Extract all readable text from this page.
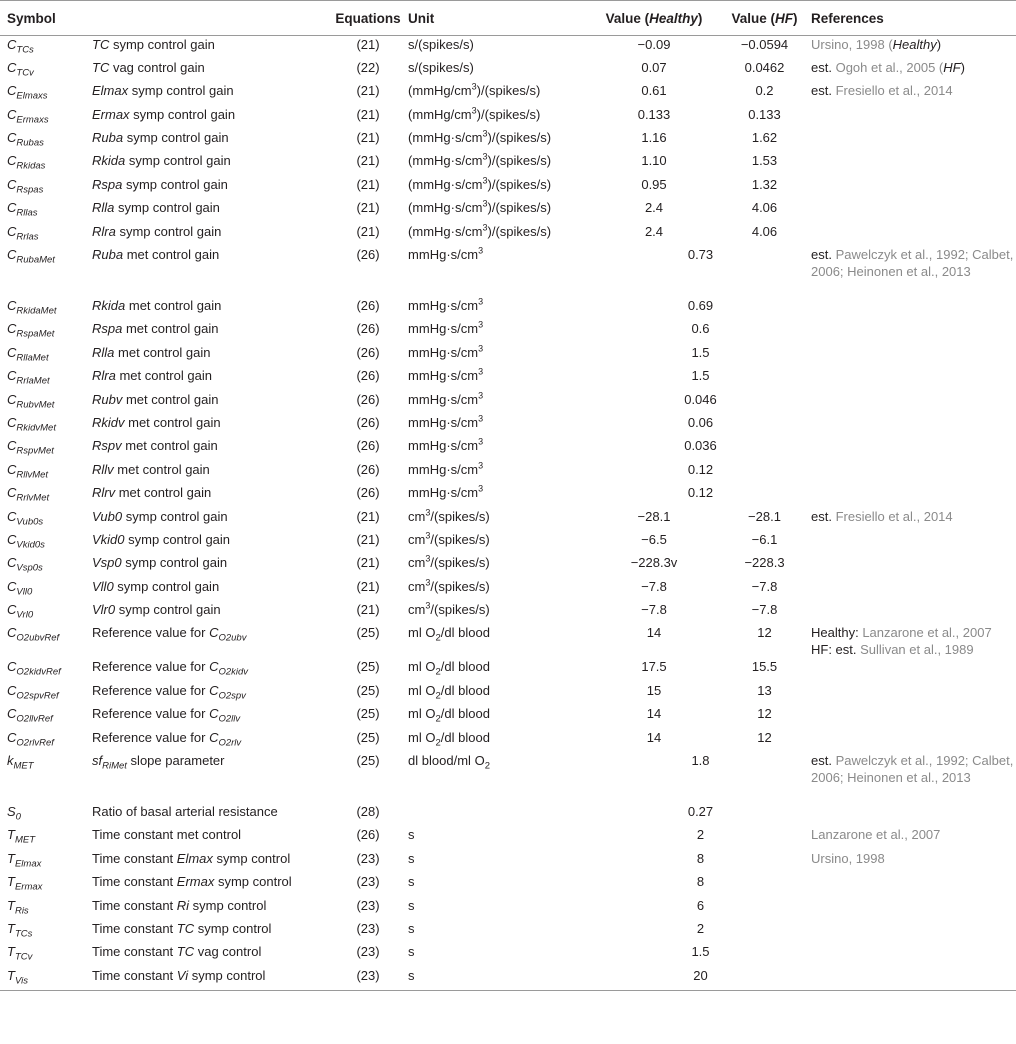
Symbol		Equations	Unit	Value (Healthy)	Value (HF)	References
$C_{TCs}$	TC symp control gain	(21)	s/(spikes/s)	−0.09	−0.0594	Ursino, 1998 (Healthy)
$C_{TCv}$	TC vag control gain	(22)	s/(spikes/s)	0.07	0.0462	est. Ogoh et al., 2005 (HF)
$C_{Elmaxs}$	Elmax symp control gain	(21)	$(mmHg/cm^3)/(spikes/s)$	0.61	0.2	est. Fresiello et al., 2014
$C_{Ermaxs}$	Ermax symp control gain	(21)	$(mmHg/cm^3)/(spikes/s)$	0.133	0.133	
$C_{Rubas}$	Ruba symp control gain	(21)	$(mmHg\cdot s/cm^3)/(spikes/s)$	1.16	1.62	
$C_{Rkidas}$	Rkida symp control gain	(21)	$(mmHg\cdot s/cm^3)/(spikes/s)$	1.10	1.53	
$C_{Rspas}$	Rspa symp control gain	(21)	$(mmHg\cdot s/cm^3)/(spikes/s)$	0.95	1.32	
$C_{Rllas}$	Rlla symp control gain	(21)	$(mmHg\cdot s/cm^3)/(spikes/s)$	2.4	4.06	
$C_{Rrlas}$	Rlra symp control gain	(21)	$(mmHg\cdot s/cm^3)/(spikes/s)$	2.4	4.06	
$C_{RubaMet}$	Ruba met control gain	(26)	$mmHg\cdot s/cm^3$	0.73		est. Pawelczyk et al., 1992; Calbet, 2006; Heinonen et al., 2013
$C_{RkidaMet}$	Rkida met control gain	(26)	$mmHg\cdot s/cm^3$	0.69		
$C_{RspaMet}$	Rspa met control gain	(26)	$mmHg\cdot s/cm^3$	0.6		
$C_{RllaMet}$	Rlla met control gain	(26)	$mmHg\cdot s/cm^3$	1.5		
$C_{RrlaMet}$	Rlra met control gain	(26)	$mmHg\cdot s/cm^3$	1.5		
$C_{RubvMet}$	Rubv met control gain	(26)	$mmHg\cdot s/cm^3$	0.046		
$C_{RkidvMet}$	Rkidv met control gain	(26)	$mmHg\cdot s/cm^3$	0.06		
$C_{RspvMet}$	Rspv met control gain	(26)	$mmHg\cdot s/cm^3$	0.036		
$C_{RllvMet}$	Rllv met control gain	(26)	$mmHg\cdot s/cm^3$	0.12		
$C_{RrlvMet}$	Rlrv met control gain	(26)	$mmHg\cdot s/cm^3$	0.12		
$C_{Vub0s}$	Vub0 symp control gain	(21)	$cm^3/(spikes/s)$	−28.1	−28.1	est. Fresiello et al., 2014
$C_{Vkid0s}$	Vkid0 symp control gain	(21)	$cm^3/(spikes/s)$	−6.5	−6.1	
$C_{Vsp0s}$	Vsp0 symp control gain	(21)	$cm^3/(spikes/s)$	−228.3v	−228.3	
$C_{Vll0}$	Vll0 symp control gain	(21)	$cm^3/(spikes/s)$	−7.8	−7.8	
$C_{Vrl0}$	Vlr0 symp control gain	(21)	$cm^3/(spikes/s)$	−7.8	−7.8	
$C_{O2ubvRef}$	Reference value for $C_{O2ubv}$	(25)	ml $O_2/dl$ blood	14	12	Healthy: Lanzarone et al., 2007
HF: est. Sullivan et al., 1989
$C_{O2kidvRef}$	Reference value for $C_{O2kidv}$	(25)	ml $O_2/dl$ blood	17.5	15.5	
$C_{O2spvRef}$	Reference value for $C_{O2spv}$	(25)	ml $O_2/dl$ blood	15	13	
$C_{O2llvRef}$	Reference value for $C_{O2llv}$	(25)	ml $O_2/dl$ blood	14	12	
$C_{O2rlvRef}$	Reference value for $C_{O2rlv}$	(25)	ml $O_2/dl$ blood	14	12	
$k_{MET}$	$sf_{RiMet}$ slope parameter	(25)	dl blood/ml $O_2$	1.8		est. Pawelczyk et al., 1992; Calbet, 2006; Heinonen et al., 2013
$S_0$	Ratio of basal arterial resistance	(28)		0.27		
$T_{MET}$	Time constant met control	(26)	s	2		Lanzarone et al., 2007
$T_{Elmax}$	Time constant Elmax symp control	(23)	s	8		Ursino, 1998
$T_{Ermax}$	Time constant Ermax symp control	(23)	s	8		
$T_{Ris}$	Time constant Ri symp control	(23)	s	6		
$T_{TCs}$	Time constant TC symp control	(23)	s	2		
$T_{TCv}$	Time constant TC vag control	(23)	s	1.5		
$T_{Vis}$	Time constant Vi symp control	(23)	s	20		
